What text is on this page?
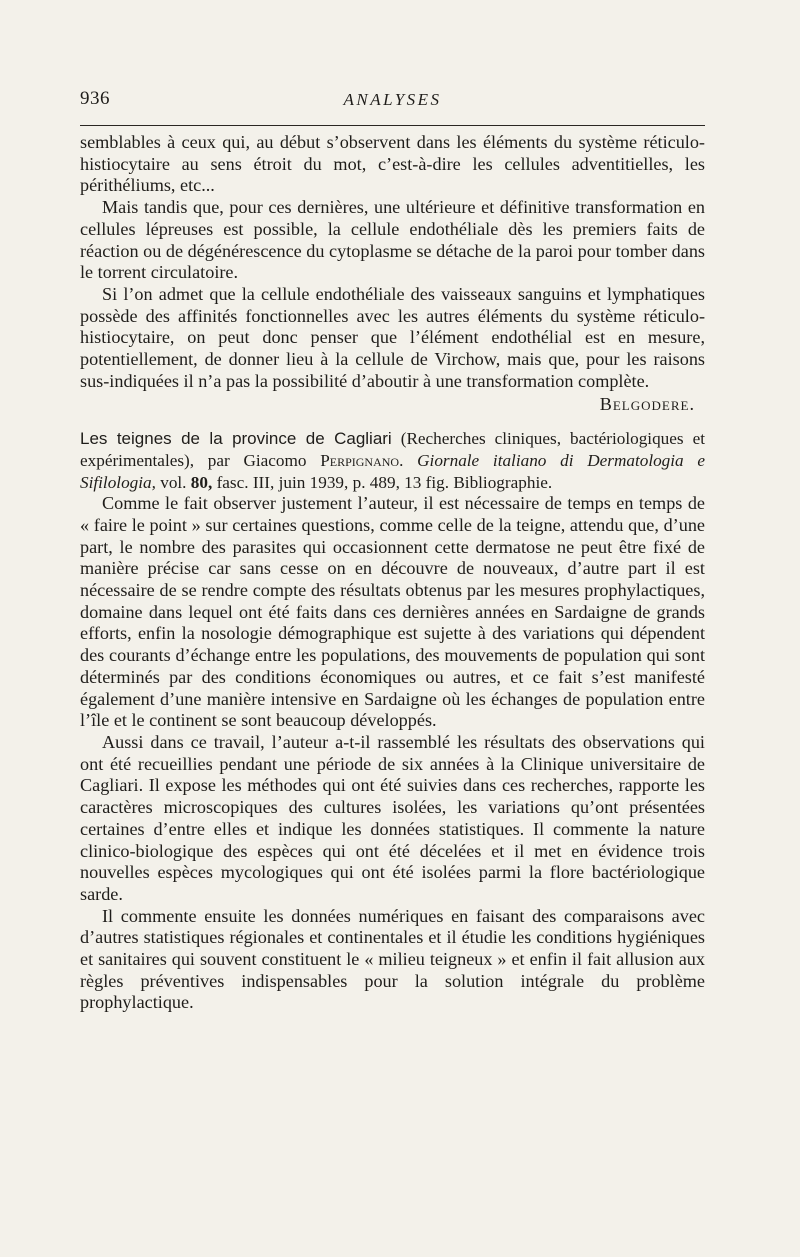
936	ANALYSES

semblables à ceux qui, au début s’observent dans les éléments du système réticulo-histiocytaire au sens étroit du mot, c’est-à-dire les cellules adventitielles, les périthéliums, etc...

Mais tandis que, pour ces dernières, une ultérieure et définitive transformation en cellules lépreuses est possible, la cellule endothéliale dès les premiers faits de réaction ou de dégénérescence du cytoplasme se détache de la paroi pour tomber dans le torrent circulatoire.

Si l’on admet que la cellule endothéliale des vaisseaux sanguins et lymphatiques possède des affinités fonctionnelles avec les autres éléments du système réticulo-histiocytaire, on peut donc penser que l’élément endothélial est en mesure, potentiellement, de donner lieu à la cellule de Virchow, mais que, pour les raisons sus-indiquées il n’a pas la possibilité d’aboutir à une transformation complète.

Belgodere.

Les teignes de la province de Cagliari (Recherches cliniques, bactériologiques et expérimentales), par Giacomo Perpignano. Giornale italiano di Dermatologia e Sifilologia, vol. 80, fasc. III, juin 1939, p. 489, 13 fig. Bibliographie.

Comme le fait observer justement l’auteur, il est nécessaire de temps en temps de « faire le point » sur certaines questions, comme celle de la teigne, attendu que, d’une part, le nombre des parasites qui occasionnent cette dermatose ne peut être fixé de manière précise car sans cesse on en découvre de nouveaux, d’autre part il est nécessaire de se rendre compte des résultats obtenus par les mesures prophylactiques, domaine dans lequel ont été faits dans ces dernières années en Sardaigne de grands efforts, enfin la nosologie démographique est sujette à des variations qui dépendent des courants d’échange entre les populations, des mouvements de population qui sont déterminés par des conditions économiques ou autres, et ce fait s’est manifesté également d’une manière intensive en Sardaigne où les échanges de population entre l’île et le continent se sont beaucoup développés.

Aussi dans ce travail, l’auteur a-t-il rassemblé les résultats des observations qui ont été recueillies pendant une période de six années à la Clinique universitaire de Cagliari. Il expose les méthodes qui ont été suivies dans ces recherches, rapporte les caractères microscopiques des cultures isolées, les variations qu’ont présentées certaines d’entre elles et indique les données statistiques. Il commente la nature clinico-biologique des espèces qui ont été décelées et il met en évidence trois nouvelles espèces mycologiques qui ont été isolées parmi la flore bactériologique sarde.

Il commente ensuite les données numériques en faisant des comparaisons avec d’autres statistiques régionales et continentales et il étudie les conditions hygiéniques et sanitaires qui souvent constituent le « milieu teigneux » et enfin il fait allusion aux règles préventives indispensables pour la solution intégrale du problème prophylactique.
